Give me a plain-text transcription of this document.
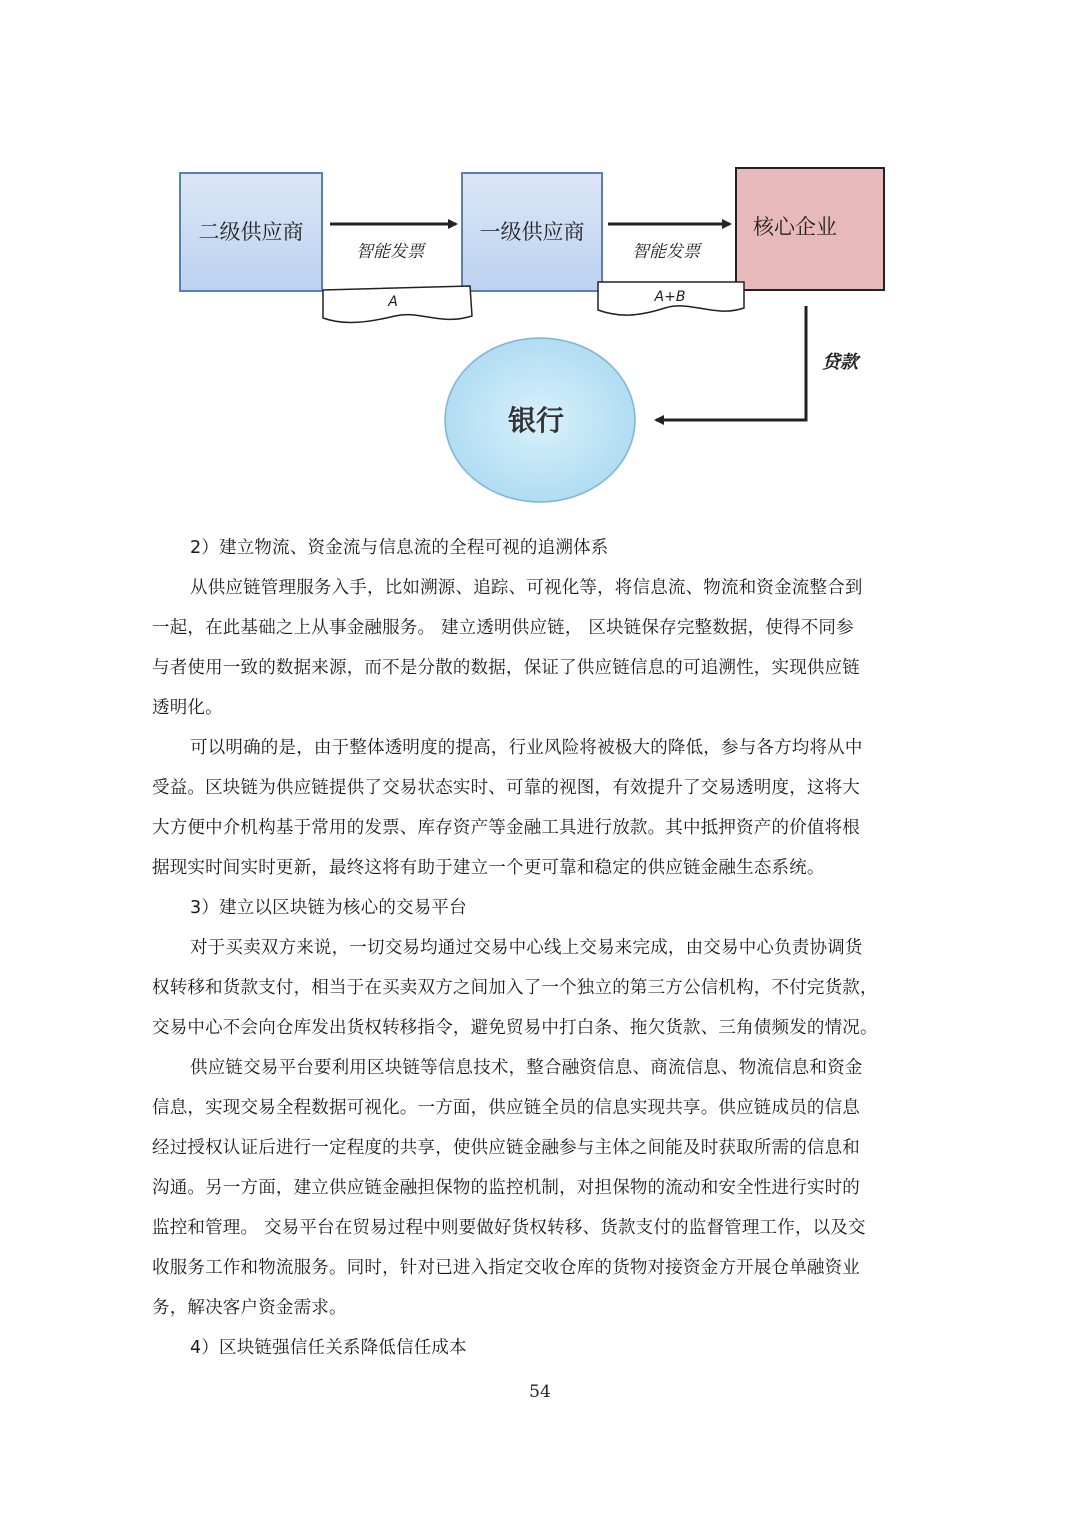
二级供应商	一级供应商	核心企业
智能发票	智能发票
A	A+B
贷款
银行
2）建立物流、资金流与信息流的全程可视的追溯体系
从供应链管理服务入手，比如溯源、追踪、可视化等，将信息流、物流和资金流整合到
一起，在此基础之上从事金融服务。 建立透明供应链， 区块链保存完整数据，使得不同参
与者使用一致的数据来源，而不是分散的数据，保证了供应链信息的可追溯性，实现供应链
透明化。
可以明确的是，由于整体透明度的提高，行业风险将被极大的降低，参与各方均将从中
受益。区块链为供应链提供了交易状态实时、可靠的视图，有效提升了交易透明度，这将大
大方便中介机构基于常用的发票、库存资产等金融工具进行放款。其中抵押资产的价值将根
据现实时间实时更新，最终这将有助于建立一个更可靠和稳定的供应链金融生态系统。
3）建立以区块链为核心的交易平台
对于买卖双方来说，一切交易均通过交易中心线上交易来完成，由交易中心负责协调货
权转移和货款支付，相当于在买卖双方之间加入了一个独立的第三方公信机构，不付完货款，
交易中心不会向仓库发出货权转移指令，避免贸易中打白条、拖欠货款、三角债频发的情况。
供应链交易平台要利用区块链等信息技术，整合融资信息、商流信息、物流信息和资金
信息，实现交易全程数据可视化。一方面，供应链全员的信息实现共享。供应链成员的信息
经过授权认证后进行一定程度的共享，使供应链金融参与主体之间能及时获取所需的信息和
沟通。另一方面，建立供应链金融担保物的监控机制，对担保物的流动和安全性进行实时的
监控和管理。 交易平台在贸易过程中则要做好货权转移、货款支付的监督管理工作，以及交
收服务工作和物流服务。同时，针对已进入指定交收仓库的货物对接资金方开展仓单融资业
务，解决客户资金需求。
4）区块链强信任关系降低信任成本
54
